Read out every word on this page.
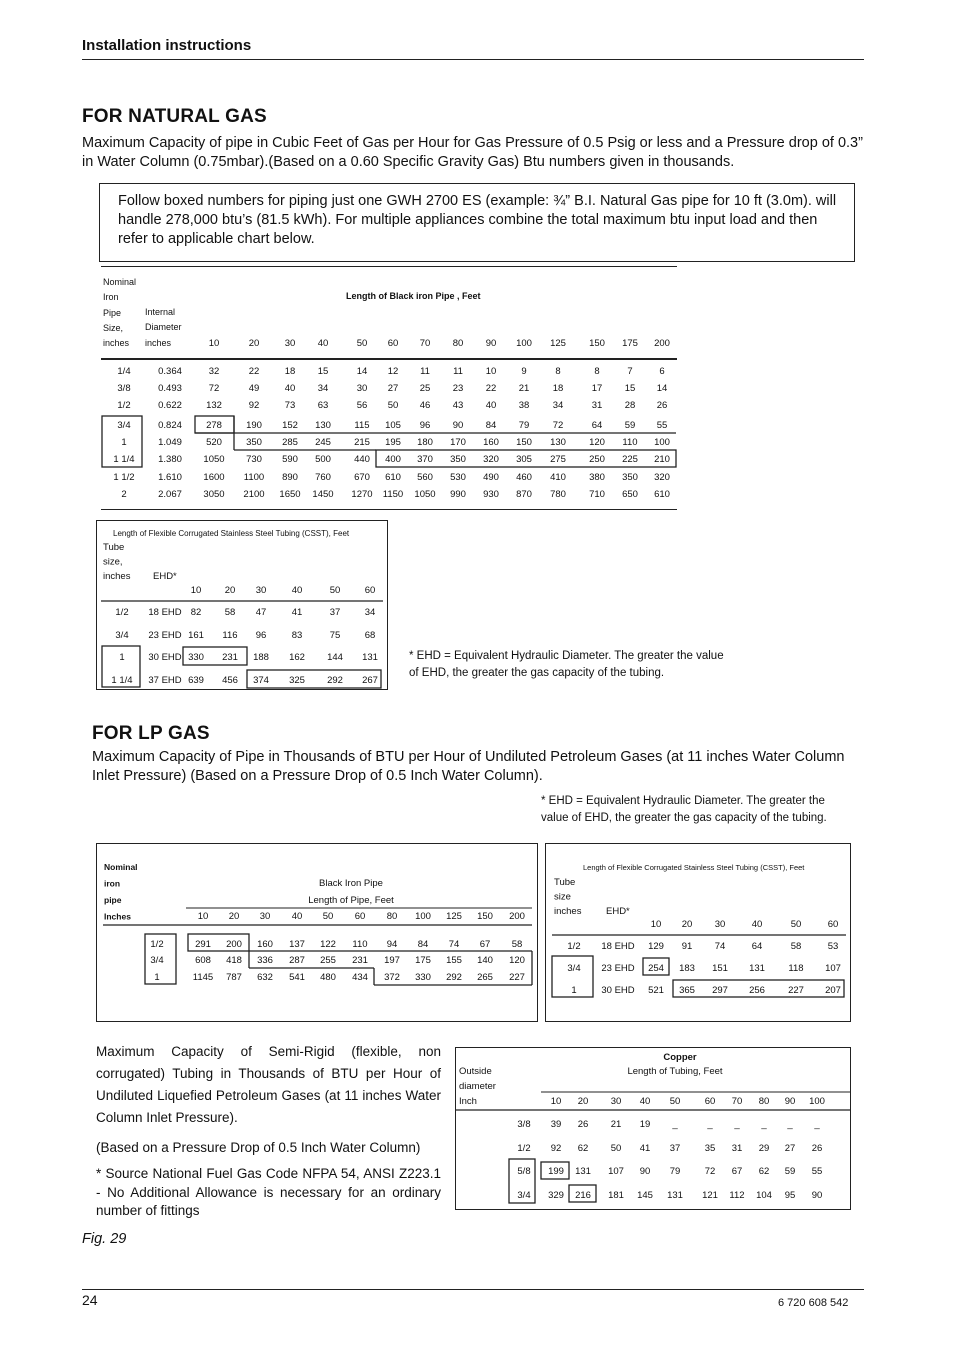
Installation instructions
FOR NATURAL GAS
Maximum Capacity of pipe in Cubic Feet of Gas per Hour for Gas Pressure of 0.5 Psig or less and a Pressure drop of 0.3” in Water Column (0.75mbar).(Based on a 0.60 Specific Gravity Gas) Btu numbers given in thousands.
Follow boxed numbers for piping just one GWH 2700 ES (example: ¾” B.I. Natural Gas pipe for 10 ft (3.0m). will handle 278,000 btu’s (81.5 kWh). For multiple appliances combine the total maximum btu input load and then refer to applicable chart below.
Nominal
Iron
Pipe
Size,
inches
Internal
Diameter
inches
Length of Black iron Pipe , Feet
10	20	30 40	50 60 70 80 90 100 125 150 175 200
1/4	0.364	32	22	18 15	14 12 11 11 10	9	8	8	7	6
3/8	0.493	72	49	40 34	30 27 25 23 22 21 18	17 15 14
1/2	0.622	132	92	73 63	56 50 46 43 40 38 34	31 28 26
3/4	0.824	278	190 152 130 115 105 96 90 84 79 72	64 59 55
1	1.049	520	350 285 245 215 195 180 170 160 150 130 120 110 100
1 1/4 1.380 1050 730 590 500 440 400 370 350 320 305 275 250 225 210
1 1/2 1.610 1600 1100 890 760 670 610 560 530 490 460 410 380 350 320
2	2.067 3050 2100 1650 1450 1270 1150 1050 990 930 870 780 710 650 610
Length of Flexible Corrugated Stainless Steel Tubing (CSST), Feet
Tube
size,
inches EHD*
10 20 30	40	50	60
1/2 18 EHD 82 58 47	41	37	34
3/4 23 EHD 161 116 96	83	75	68
1 30 EHD 330 231 188 162 144 131
1 1/4 37 EHD 639 456 374 325 292 267
* EHD = Equivalent Hydraulic Diameter. The greater the value of EHD, the greater the gas capacity of the tubing.
FOR LP GAS
Maximum Capacity of Pipe in Thousands of BTU per Hour of Undiluted Petroleum Gases (at 11 inches Water Column Inlet Pressure) (Based on a Pressure Drop of 0.5 Inch Water Column).
* EHD = Equivalent Hydraulic Diameter. The greater the value of EHD, the greater the gas capacity of the tubing.
Nominal
iron
pipe
Inches
Black Iron Pipe
Length of Pipe, Feet
10 20 30 40 50 60 80 100 125 150 200
1/2	291 200 160 137 122 110 94 84 74 67 58
3/4	608 418 336 287 255 231 197 175 155 140 120
1	1145 787 632 541 480 434 372 330 292 265 227
Length of Flexible Corrugated Stainless Steel Tubing (CSST), Feet
Tube
size
inches	EHD*
10 20 30	40	50	60
1/2 18 EHD 129 91 74	64	58	53
3/4 23 EHD 254 183 151 131 118 107
1	30 EHD 521 365 297 256 227 207
Maximum Capacity of Semi-Rigid (flexible, non corrugated) Tubing in Thousands of BTU per Hour of Undiluted Liquefied Petroleum Gases (at 11 inches Water Column Inlet Pressure).
(Based on a Pressure Drop of 0.5 Inch Water Column)
* Source National Fuel Gas Code NFPA 54, ANSI Z223.1 - No Additional Allowance is necessary for an ordinary number of fittings
Copper
Length of Tubing, Feet
Outside
diameter
Inch	10 20 30 40 50	60 70 80 90 100
3/8 39 26 21 19 _	_ _ _ _ _
1/2 92 62 50 41 37	35 31 29 27 26
5/8 199 131 107 90 79	72 67 62 59 55
3/4 329 216 181 145 131 121 112 104 95 90
Fig. 29
24	6 720 608 542
